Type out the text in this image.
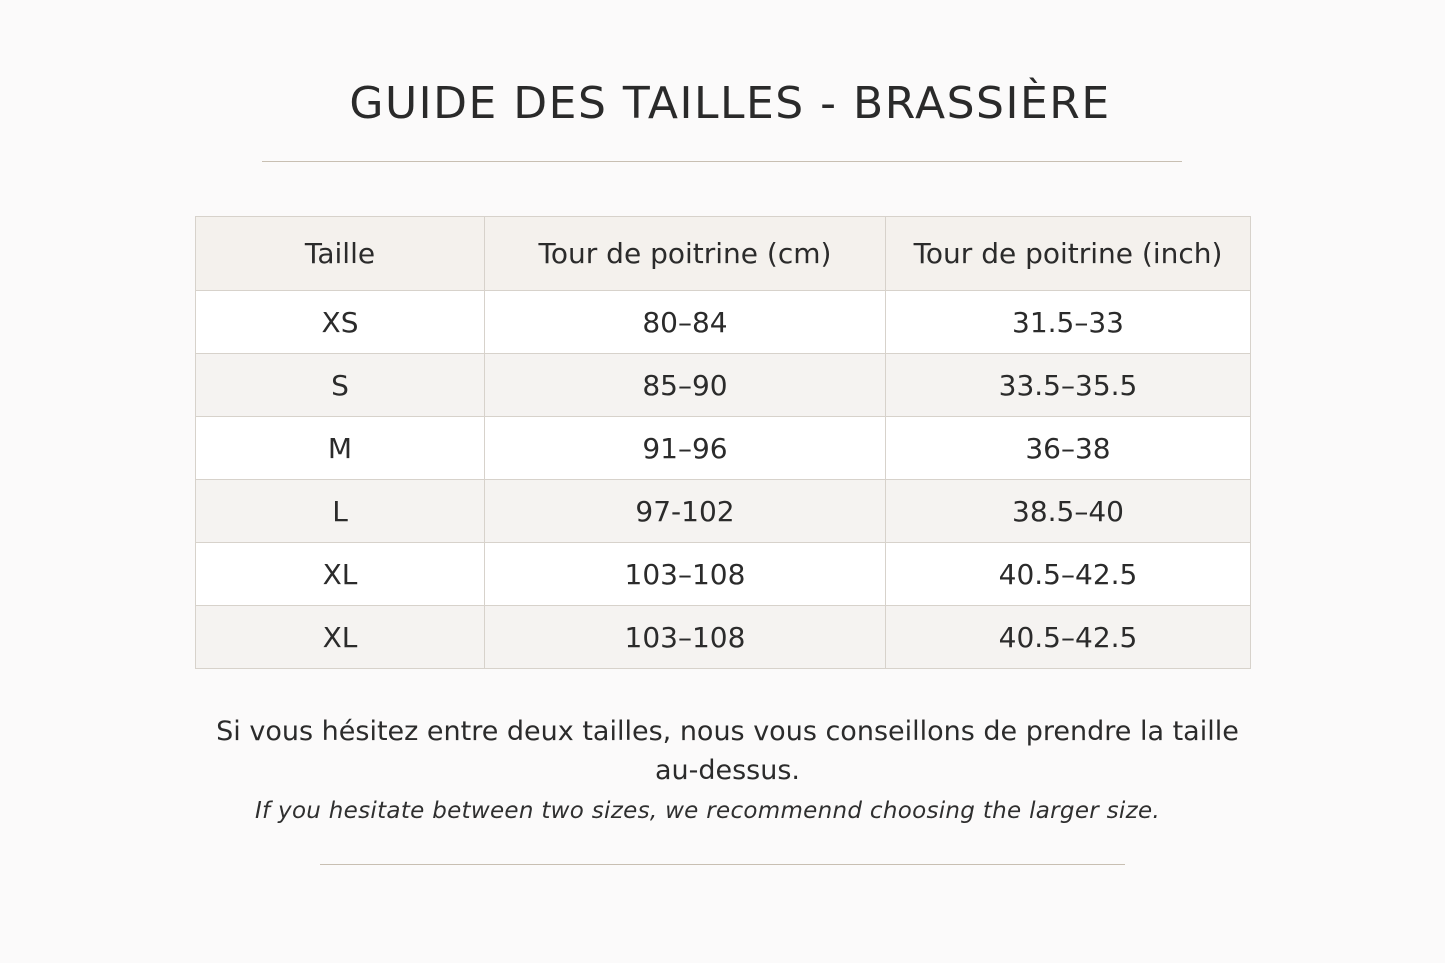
GUIDE DES TAILLES - BRASSIÈRE
Taille	Tour de poitrine (cm)	Tour de poitrine (inch)
XS	80–84	31.5–33
S	85–90	33.5–35.5
M	91–96	36–38
L	97-102	38.5–40
XL	103–108	40.5–42.5
XL	103–108	40.5–42.5

Si vous hésitez entre deux tailles, nous vous conseillons de prendre la taille
au-dessus.

If you hesitate between two sizes, we recommennd choosing the larger size.
